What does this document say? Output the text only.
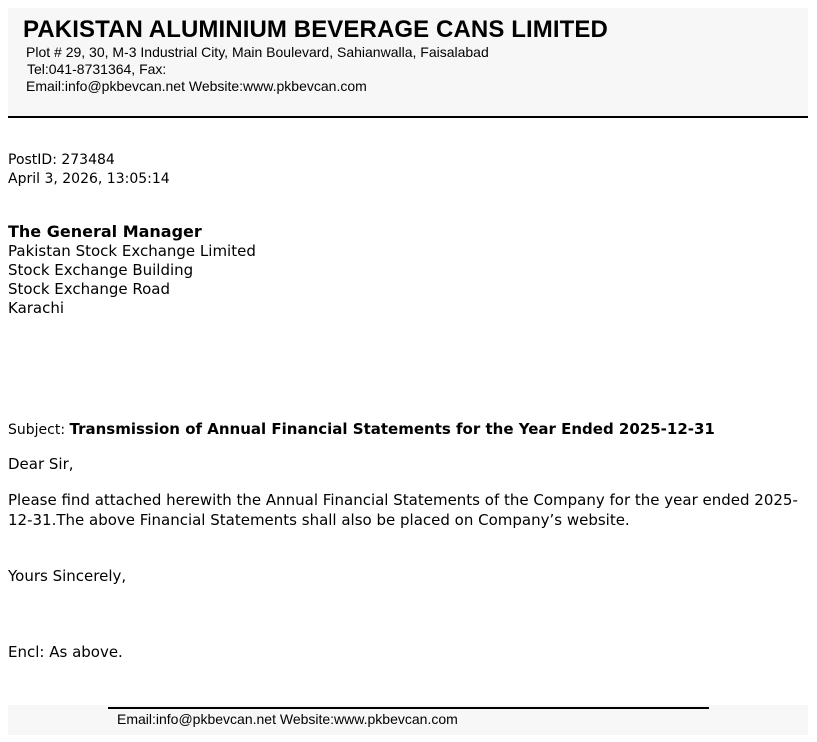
PAKISTAN ALUMINIUM BEVERAGE CANS LIMITED
Plot # 29, 30, M-3 Industrial City, Main Boulevard, Sahianwalla, Faisalabad
Tel:041-8731364, Fax:
Email:info@pkbevcan.net Website:www.pkbevcan.com
PostID: 273484
April 3, 2026, 13:05:14
The General Manager
Pakistan Stock Exchange Limited
Stock Exchange Building
Stock Exchange Road
Karachi
Subject: Transmission of Annual Financial Statements for the Year Ended 2025-12-31
Dear Sir,
Please find attached herewith the Annual Financial Statements of the Company for the year ended 2025-12-31.The above Financial Statements shall also be placed on Company’s website.
Yours Sincerely,
Encl: As above.
Email:info@pkbevcan.net Website:www.pkbevcan.com
